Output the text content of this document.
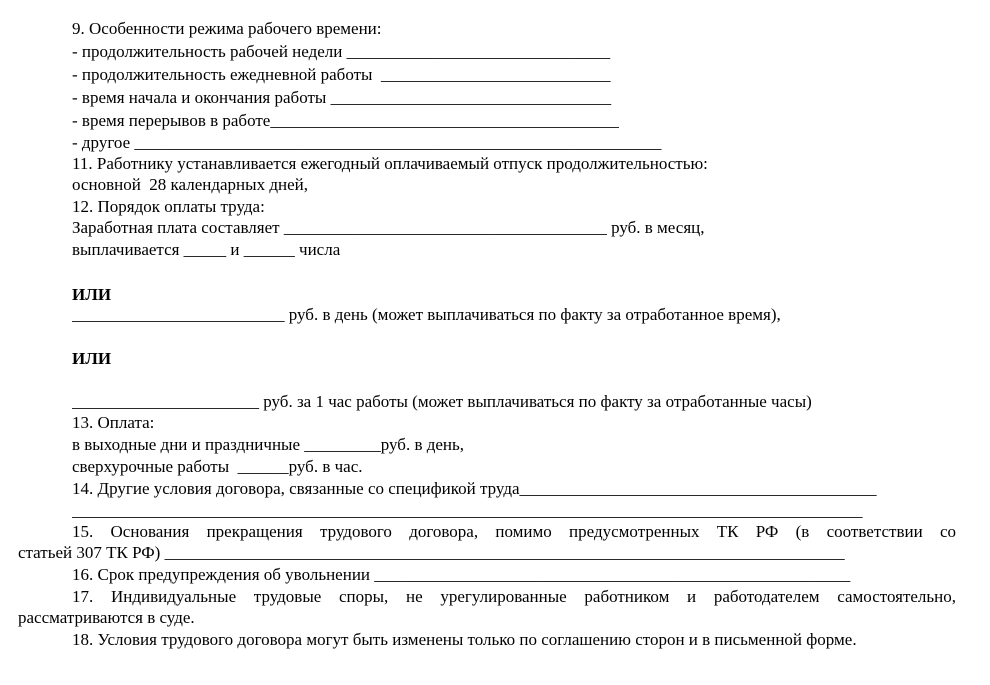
9. Особенности режима рабочего времени:
- продолжительность рабочей недели _______________________________
- продолжительность ежедневной работы  ___________________________
- время начала и окончания работы _________________________________
- время перерывов в работе_________________________________________
- другое ______________________________________________________________
11. Работнику устанавливается ежегодный оплачиваемый отпуск продолжительностью:
основной  28 календарных дней,
12. Порядок оплаты труда:
Заработная плата составляет ______________________________________ руб. в месяц,
выплачивается _____ и ______ числа
ИЛИ
_________________________ руб. в день (может выплачиваться по факту за отработанное время),
ИЛИ
______________________ руб. за 1 час работы (может выплачиваться по факту за отработанные часы)
13. Оплата:
в выходные дни и праздничные _________руб. в день,
сверхурочные работы  ______руб. в час.
14. Другие условия договора, связанные со спецификой труда__________________________________________
_____________________________________________________________________________________________
15. Основания прекращения трудового договора, помимо предусмотренных ТК РФ (в соответствии со
статьей 307 ТК РФ) ________________________________________________________________________________
16. Срок предупреждения об увольнении ________________________________________________________
17. Индивидуальные трудовые споры, не урегулированные работником и работодателем самостоятельно,
рассматриваются в суде.
18. Условия трудового договора могут быть изменены только по соглашению сторон и в письменной форме.
